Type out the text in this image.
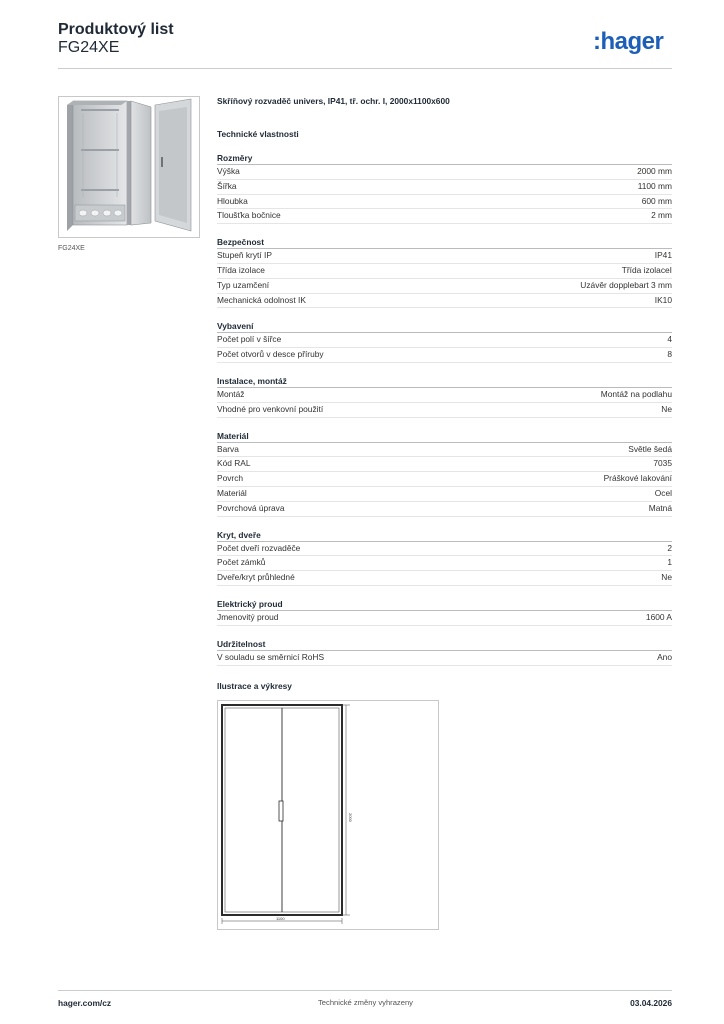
Produktový list
FG24XE	:hager
FG24XE
Skříňový rozvaděč univers, IP41, tř. ochr. I, 2000x1100x600
Technické vlastnosti
Rozměry
Výška	2000 mm
Šířka	1100 mm
Hloubka	600 mm
Tloušťka bočnice	2 mm
Bezpečnost
Stupeň krytí IP	IP41
Třída izolace	Třída izolaceI
Typ uzamčení	Uzávěr dopplebart 3 mm
Mechanická odolnost IK	IK10
Vybavení
Počet polí v šířce	4
Počet otvorů v desce příruby	8
Instalace, montáž
Montáž	Montáž na podlahu
Vhodné pro venkovní použití	Ne
Materiál
Barva	Světle šedá
Kód RAL	7035
Povrch	Práškové lakování
Materiál	Ocel
Povrchová úprava	Matná
Kryt, dveře
Počet dveří rozvaděče	2
Počet zámků	1
Dveře/kryt průhledné	Ne
Elektrický proud
Jmenovitý proud	1600 A
Udržitelnost
V souladu se směrnicí RoHS	Ano
Ilustrace a výkresy
2000
1100
hager.com/cz	Technické změny vyhrazeny	03.04.2026
